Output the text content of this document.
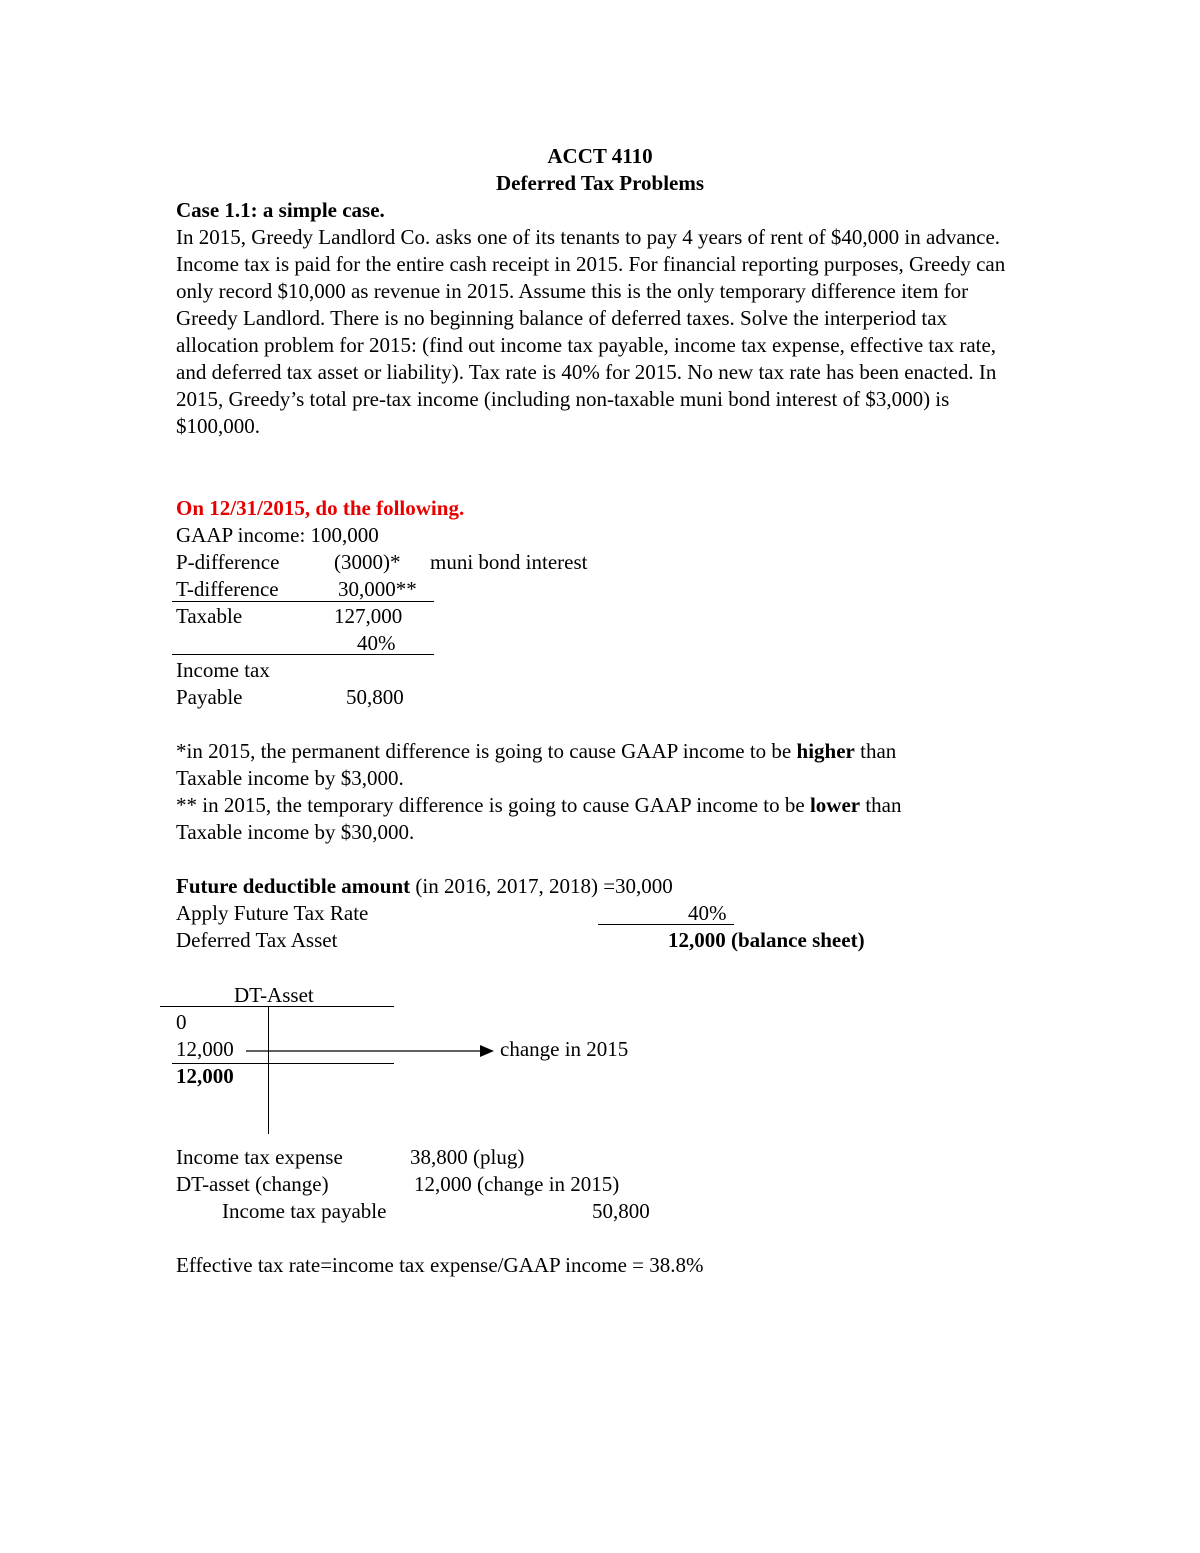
ACCT 4110
Deferred Tax Problems
Case 1.1: a simple case.

In 2015, Greedy Landlord Co. asks one of its tenants to pay 4 years of rent of $40,000 in advance. Income tax is paid for the entire cash receipt in 2015. For financial reporting purposes, Greedy can only record $10,000 as revenue in 2015. Assume this is the only temporary difference item for Greedy Landlord. There is no beginning balance of deferred taxes. Solve the interperiod tax allocation problem for 2015: (find out income tax payable, income tax expense, effective tax rate, and deferred tax asset or liability). Tax rate is 40% for 2015. No new tax rate has been enacted. In 2015, Greedy’s total pre-tax income (including non-taxable muni bond interest of $3,000) is $100,000.

On 12/31/2015, do the following.
GAAP income: 100,000
P-difference	(3000)* muni bond interest
T-difference	30,000**
Taxable	127,000
40%
Income tax
Payable	50,800
*in 2015, the permanent difference is going to cause GAAP income to be higher than
Taxable income by $3,000.
** in 2015, the temporary difference is going to cause GAAP income to be lower than
Taxable income by $30,000.
Future deductible amount (in 2016, 2017, 2018) =30,000
Apply Future Tax Rate	40%
Deferred Tax Asset	12,000 (balance sheet)
DT-Asset
0
12,000
12,000
change in 2015
Income tax expense	38,800 (plug)
DT-asset (change)	12,000 (change in 2015)
Income tax payable	50,800
Effective tax rate=income tax expense/GAAP income = 38.8%
